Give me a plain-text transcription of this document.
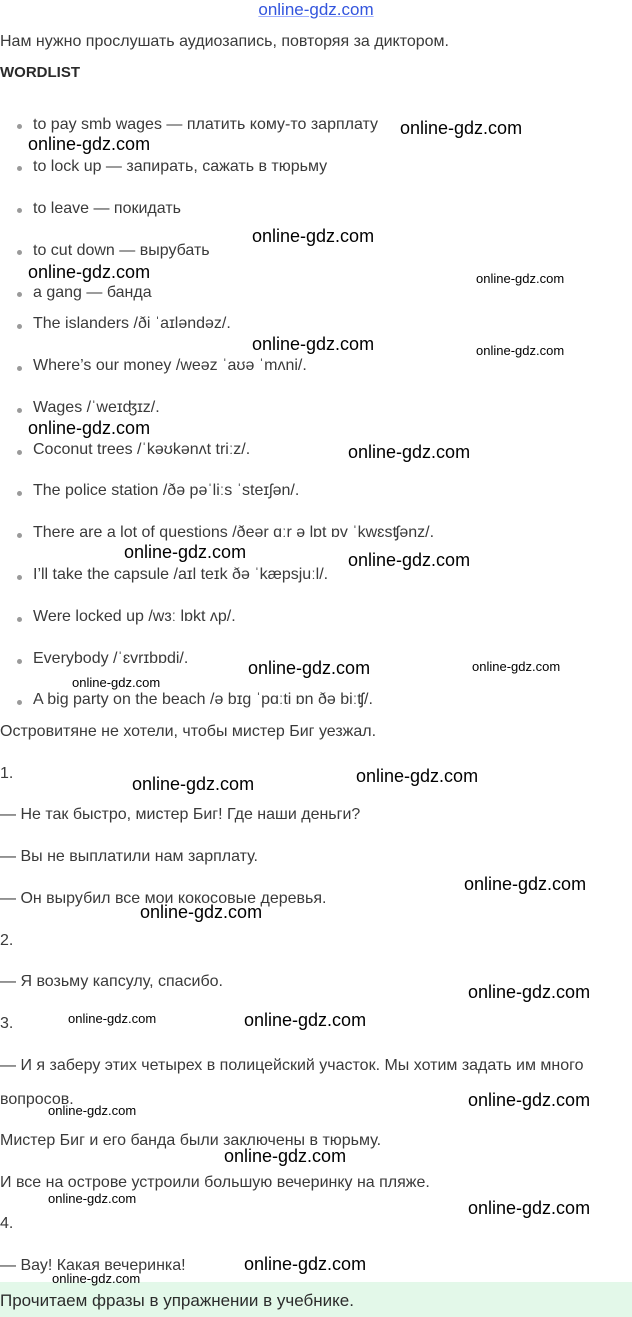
online-gdz.com
Нам нужно прослушать аудиозапись, повторяя за диктором.
WORDLIST
to pay smb wages — платить кому-то зарплату
to lock up — запирать, сажать в тюрьму
to leave — покидать
to cut down — вырубать
a gang — банда
The islanders /ði ˈaɪləndəz/.
Where’s our money /weəz ˈaʊə ˈmʌni/.
Wages /ˈweɪʤɪz/.
Coconut trees /ˈkəʊkənʌt triːz/.
The police station /ðə pəˈliːs ˈsteɪʃən/.
There are a lot of questions /ðeər ɑːr ə lɒt ɒv ˈkwɛsʧənz/.
I’ll take the capsule /aɪl teɪk ðə ˈkæpsjuːl/.
Were locked up /wɜː lɒkt ʌp/.
Everybody /ˈɛvrɪbɒdi/.
A big party on the beach /ə bɪg ˈpɑːti ɒn ðə biːʧ/.
Островитяне не хотели, чтобы мистер Биг уезжал.
1.
— Не так быстро, мистер Биг! Где наши деньги?
— Вы не выплатили нам зарплату.
— Он вырубил все мои кокосовые деревья.
2.
— Я возьму капсулу, спасибо.
3.
— И я заберу этих четырех в полицейский участок. Мы хотим задать им много
вопросов.
Мистер Биг и его банда были заключены в тюрьму.
И все на острове устроили большую вечеринку на пляже.
4.
— Вау! Какая вечеринка!
Прочитаем фразы в упражнении в учебнике.
online-gdz.com
online-gdz.com
online-gdz.com
online-gdz.com	online-gdz.com
online-gdz.com	online-gdz.com
online-gdz.com
online-gdz.com
online-gdz.com	online-gdz.com
online-gdz.com	online-gdz.com
online-gdz.com
online-gdz.com
online-gdz.com
online-gdz.com
online-gdz.com
online-gdz.com
online-gdz.com	online-gdz.com
online-gdz.com
online-gdz.com
online-gdz.com
online-gdz.com	online-gdz.com
online-gdz.com
online-gdz.com
